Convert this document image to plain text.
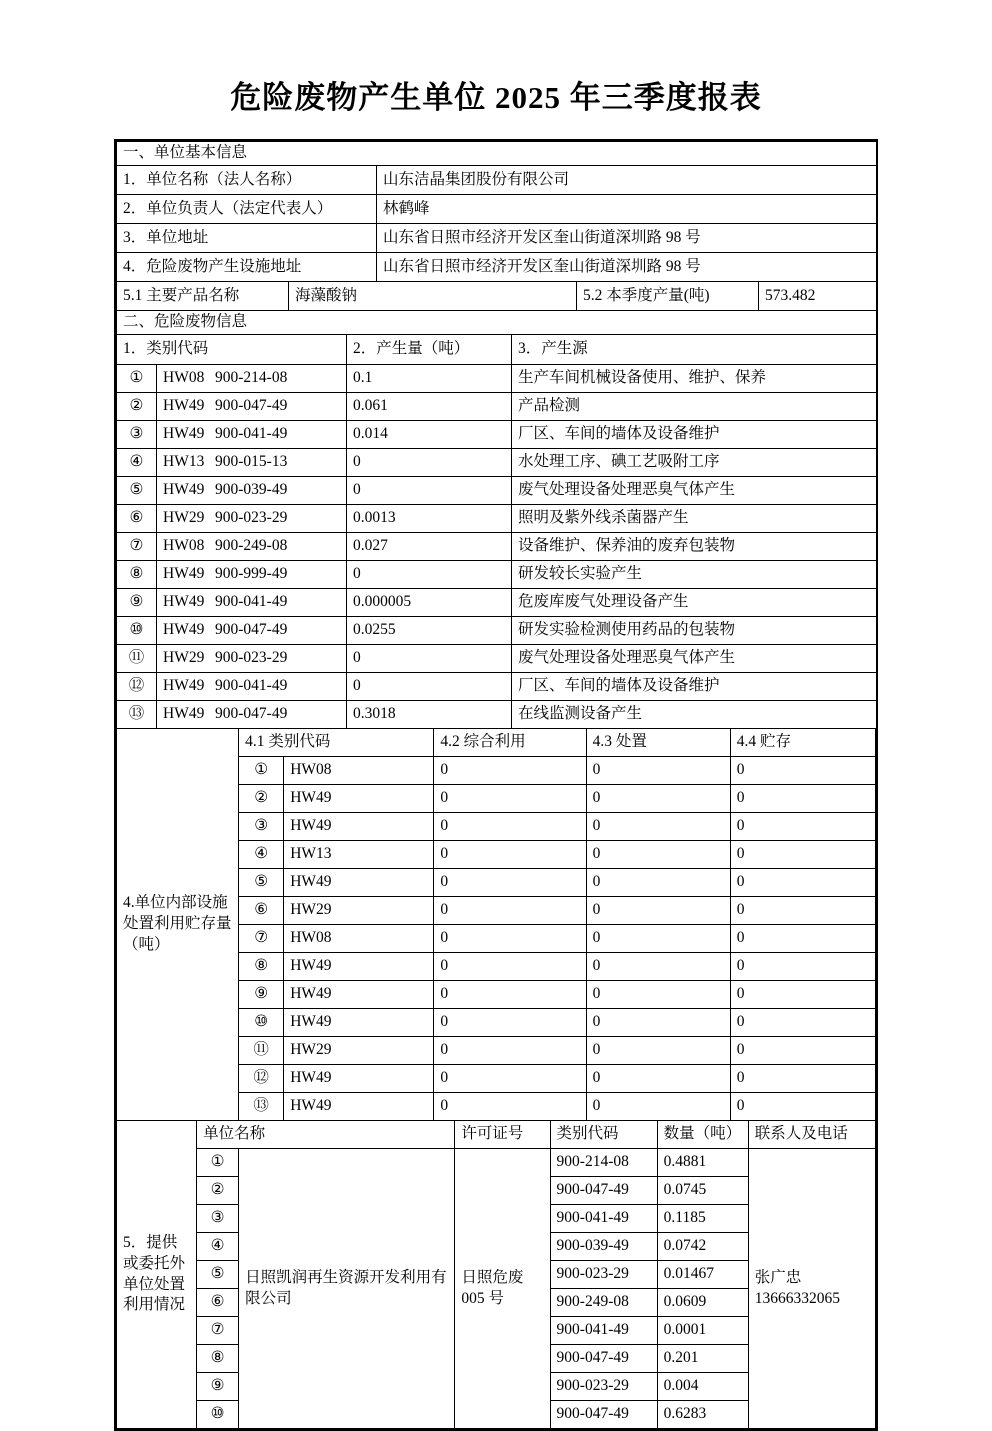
危险废物产生单位 2025 年三季度报表
一、单位基本信息				
1．单位名称（法人名称）		山东洁晶集团股份有限公司		
2．单位负责人（法定代表人）		林鹤峰		
3．单位地址		山东省日照市经济开发区奎山街道深圳路 98 号		
4．危险废物产生设施地址		山东省日照市经济开发区奎山街道深圳路 98 号		
5.1 主要产品名称	海藻酸钠		5.2 本季度产量(吨)	573.482
二、危险废物信息			
1．类别代码		2．产生量（吨）	3．产生源
①	HW08 900-214-08	0.1	生产车间机械设备使用、维护、保养
②	HW49 900-047-49	0.061	产品检测
③	HW49 900-041-49	0.014	厂区、车间的墙体及设备维护
④	HW13 900-015-13	0	水处理工序、碘工艺吸附工序
⑤	HW49 900-039-49	0	废气处理设备处理恶臭气体产生
⑥	HW29 900-023-29	0.0013	照明及紫外线杀菌器产生
⑦	HW08 900-249-08	0.027	设备维护、保养油的废弃包装物
⑧	HW49 900-999-49	0	研发较长实验产生
⑨	HW49 900-041-49	0.000005	危废库废气处理设备产生
⑩	HW49 900-047-49	0.0255	研发实验检测使用药品的包装物
⑪	HW29 900-023-29	0	废气处理设备处理恶臭气体产生
⑫	HW49 900-041-49	0	厂区、车间的墙体及设备维护
⑬	HW49 900-047-49	0.3018	在线监测设备产生
4.单位内部设施处置利用贮存量（吨）	4.1 类别代码		4.2 综合利用	4.3 处置	4.4 贮存
	①	HW08	0	0	0
	②	HW49	0	0	0
	③	HW49	0	0	0
	④	HW13	0	0	0
	⑤	HW49	0	0	0
	⑥	HW29	0	0	0
	⑦	HW08	0	0	0
	⑧	HW49	0	0	0
	⑨	HW49	0	0	0
	⑩	HW49	0	0	0
	⑪	HW29	0	0	0
	⑫	HW49	0	0	0
	⑬	HW49	0	0	0
5．提供或委托外单位处置利用情况	单位名称		许可证号	类别代码	数量（吨）	联系人及电话
	①	日照凯润再生资源开发利用有限公司	日照危废 005 号	900-214-08	0.4881	张广忠
13666332065

	②			900-047-49	0.0745	
	③			900-041-49	0.1185	
	④			900-039-49	0.0742	
	⑤			900-023-29	0.01467	
	⑥			900-249-08	0.0609	
	⑦			900-041-49	0.0001	
	⑧			900-047-49	0.201	
	⑨			900-023-29	0.004	
	⑩			900-047-49	0.6283	
